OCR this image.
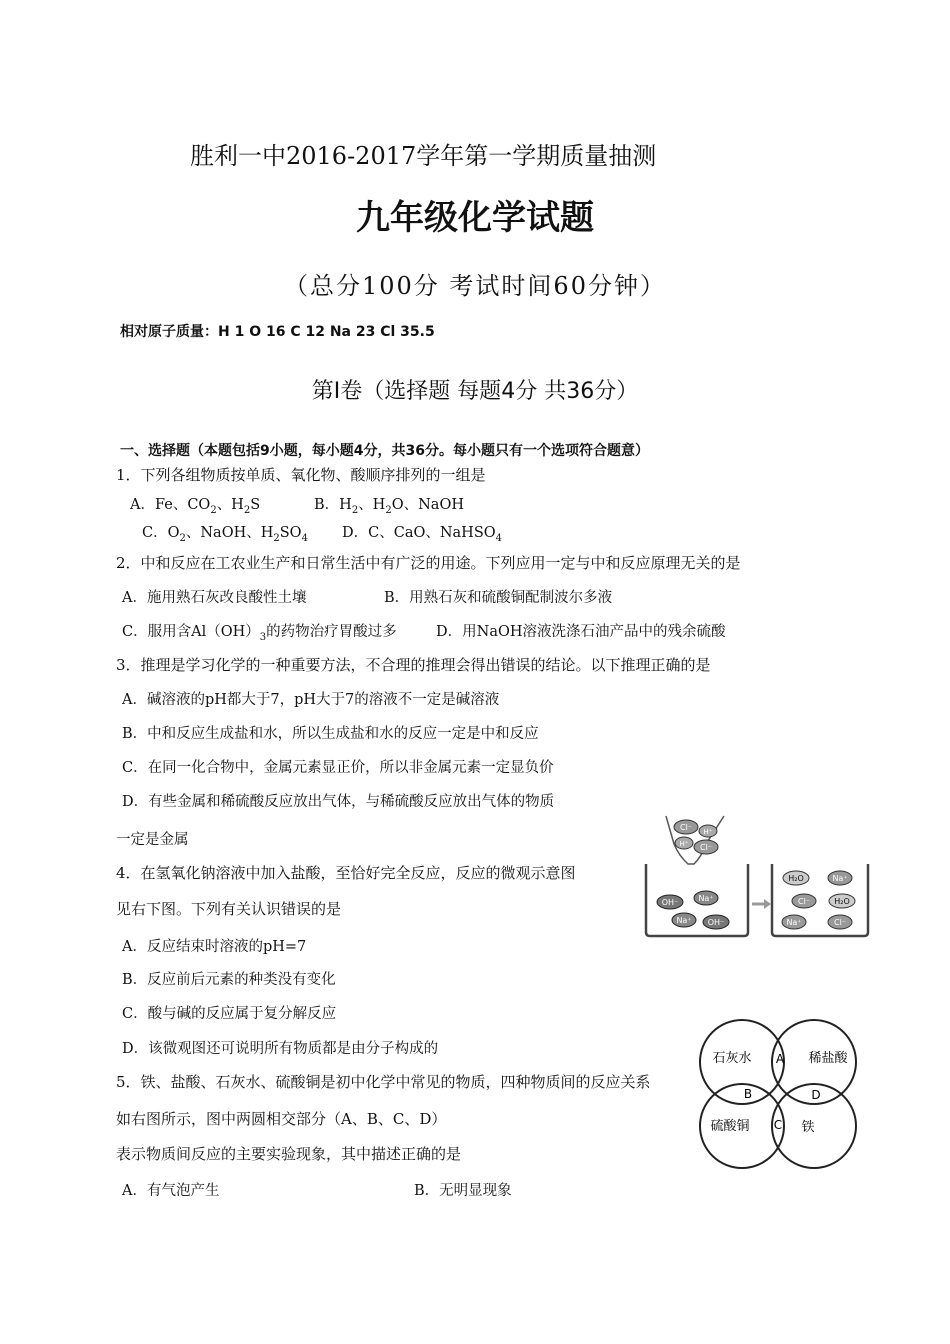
胜利一中2016-2017学年第一学期质量抽测
九年级化学试题
（总分100分 考试时间60分钟）
相对原子质量：H 1 O 16 C 12 Na 23 Cl 35.5
第I卷（选择题 每题4分 共36分）
一、选择题（本题包括9小题，每小题4分，共36分。每小题只有一个选项符合题意）
1．下列各组物质按单质、氧化物、酸顺序排列的一组是
A．Fe、$CO_2$、$H_2S$	B．$H_2$、$H_2O$、NaOH
C．$O_2$、NaOH、$H_2SO_4$ D．C、CaO、NaHSO$_4$
2．中和反应在工农业生产和日常生活中有广泛的用途。下列应用一定与中和反应原理无关的是
A．施用熟石灰改良酸性土壤	B．用熟石灰和硫酸铜配制波尔多液
C．服用含$Al(OH)_3$的药物治疗胃酸过多	D．用NaOH溶液洗涤石油产品中的残余硫酸
3．推理是学习化学的一种重要方法，不合理的推理会得出错误的结论。以下推理正确的是
A．碱溶液的pH都大于7，pH大于7的溶液不一定是碱溶液
B．中和反应生成盐和水，所以生成盐和水的反应一定是中和反应
C．在同一化合物中，金属元素显正价，所以非金属元素一定显负价
D．有些金属和稀硫酸反应放出气体，与稀硫酸反应放出气体的物质
一定是金属
4．在氢氧化钠溶液中加入盐酸，至恰好完全反应，反应的微观示意图
见右下图。下列有关认识错误的是
A．反应结束时溶液的pH=7
B．反应前后元素的种类没有变化
C．酸与碱的反应属于复分解反应
D．该微观图还可说明所有物质都是由分子构成的
5．铁、盐酸、石灰水、硫酸铜是初中化学中常见的物质，四种物质间的反应关系
如右图所示，图中两圆相交部分（A、B、C、D）
表示物质间反应的主要实验现象，其中描述正确的是
A．有气泡产生	B．无明显现象
Cl⁻ H⁺
H⁺ Cl⁻
OH⁻	Na⁺
Na⁺ OH⁻
H₂O	Na⁺
Cl⁻	H₂O
Na⁺	Cl⁻
石灰水	稀盐酸
硫酸铜	铁
A
B
C
D
